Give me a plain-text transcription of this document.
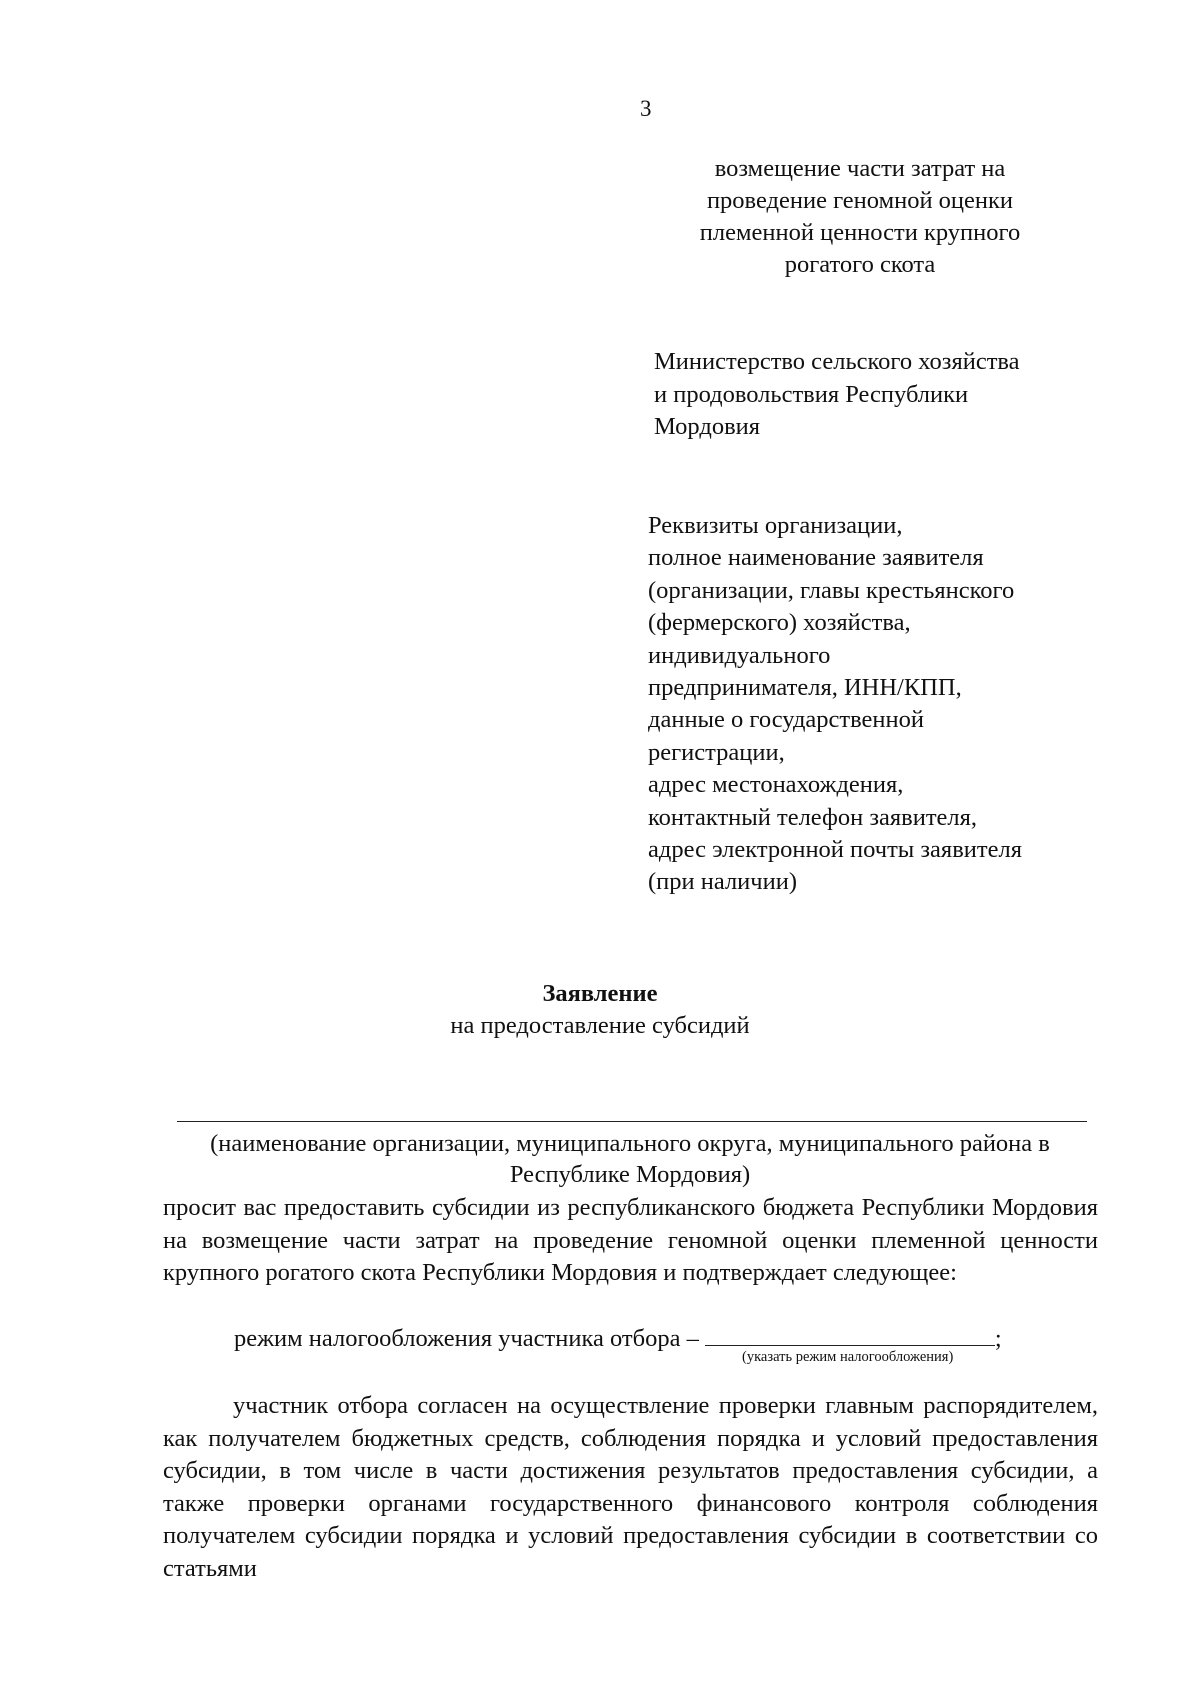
3
возмещение части затрат на
проведение геномной оценки
племенной ценности крупного
рогатого скота
Министерство сельского хозяйства
и продовольствия Республики
Мордовия
Реквизиты организации,
полное наименование заявителя
(организации, главы крестьянского
(фермерского) хозяйства,
индивидуального
предпринимателя, ИНН/КПП,
данные о государственной
регистрации,
адрес местонахождения,
контактный телефон заявителя,
адрес электронной почты заявителя
(при наличии)
Заявление
на предоставление субсидий
(наименование организации, муниципального округа, муниципального района в Республике Мордовия)
просит вас предоставить субсидии из республиканского бюджета Республики Мордовия на возмещение части затрат на проведение геномной оценки племенной ценности крупного рогатого скота Республики Мордовия и подтверждает следующее:
режим налогообложения участника отбора –	;
(указать режим налогообложения)
участник отбора согласен на осуществление проверки главным распорядителем, как получателем бюджетных средств, соблюдения порядка и условий предоставления субсидии, в том числе в части достижения результатов предоставления субсидии, а также проверки органами государственного финансового контроля соблюдения получателем субсидии порядка и условий предоставления субсидии в соответствии со статьями
